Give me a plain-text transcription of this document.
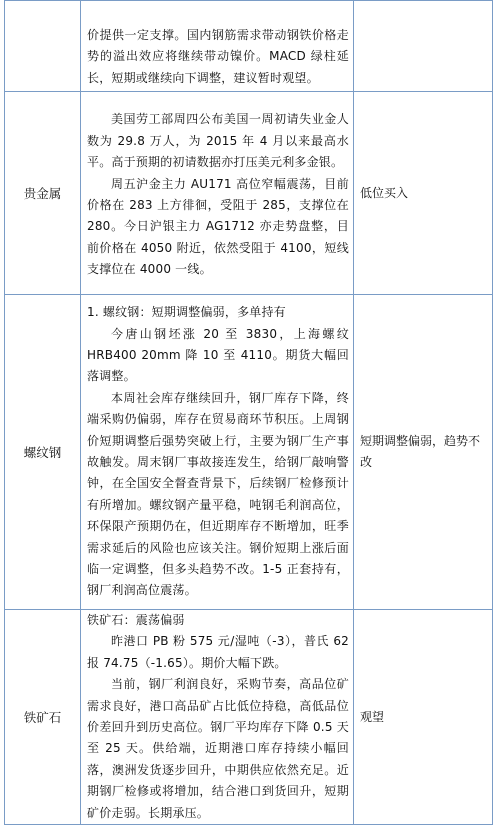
	价提供一定支撑。国内钢筋需求带动钢铁价格走势的溢出效应将继续带动镍价。MACD 绿柱延长，短期或继续向下调整，建议暂时观望。	

贵金属	美国劳工部周四公布美国一周初请失业金人数为 29.8 万人，为 2015 年 4 月以来最高水平。高于预期的初请数据亦打压美元利多金银。

周五沪金主力 AU171 高位窄幅震荡，目前价格在 283 上方徘徊，受阻于 285，支撑位在 280。今日沪银主力 AG1712 亦走势盘整，目前价格在 4050 附近，依然受阻于 4100，短线支撑位在 4000 一线。	低位买入
螺纹钢	1. 螺纹钢：短期调整偏弱，多单持有

今唐山钢坯涨 20 至 3830，上海螺纹 HRB400 20mm 降 10 至 4110。期货大幅回落调整。

本周社会库存继续回升，钢厂库存下降，终端采购仍偏弱，库存在贸易商环节积压。上周钢价短期调整后强势突破上行，主要为钢厂生产事故触发。周末钢厂事故接连发生，给钢厂敲响警钟，在全国安全督查背景下，后续钢厂检修预计有所增加。螺纹钢产量平稳，吨钢毛利润高位，环保限产预期仍在，但近期库存不断增加，旺季需求延后的风险也应该关注。钢价短期上涨后面临一定调整，但多头趋势不改。1-5 正套持有，钢厂利润高位震荡。	短期调整偏弱，趋势不改
铁矿石	铁矿石：震荡偏弱

昨港口 PB 粉 575 元/湿吨（-3），普氏 62 报 74.75（-1.65）。期价大幅下跌。

当前，钢厂利润良好，采购节奏，高品位矿需求良好，港口高品矿占比低位持稳，高低品位价差回升到历史高位。钢厂平均库存下降 0.5 天至 25 天。供给端，近期港口库存持续小幅回落，澳洲发货逐步回升，中期供应依然充足。近期钢厂检修或将增加，结合港口到货回升，短期矿价走弱。长期承压。	观望
